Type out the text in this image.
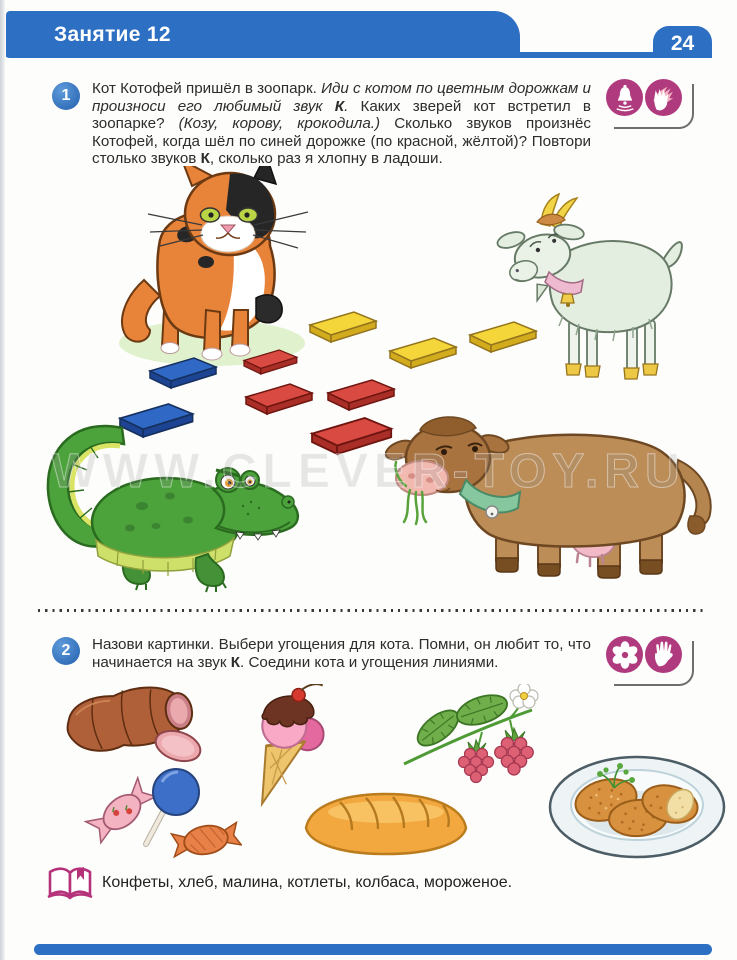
Занятие 12	24
1	Кот Котофей пришёл в зоопарк. Иди с котом по цветным дорожкам и произноси его любимый звук К. Каких зверей кот встретил в зоопарке? (Козу, корову, крокодила.) Сколько звуков произнёс Котофей, когда шёл по синей дорожке (по красной, жёлтой)? Повтори столько звуков К, сколько раз я хлопну в ладоши.

WWW.CLEVER-TOY.RU
2	Назови картинки. Выбери угощения для кота. Помни, он любит то, что начинается на звук К. Соедини кота и угощения линиями.

Конфеты, хлеб, малина, котлеты, колбаса, мороженое.
